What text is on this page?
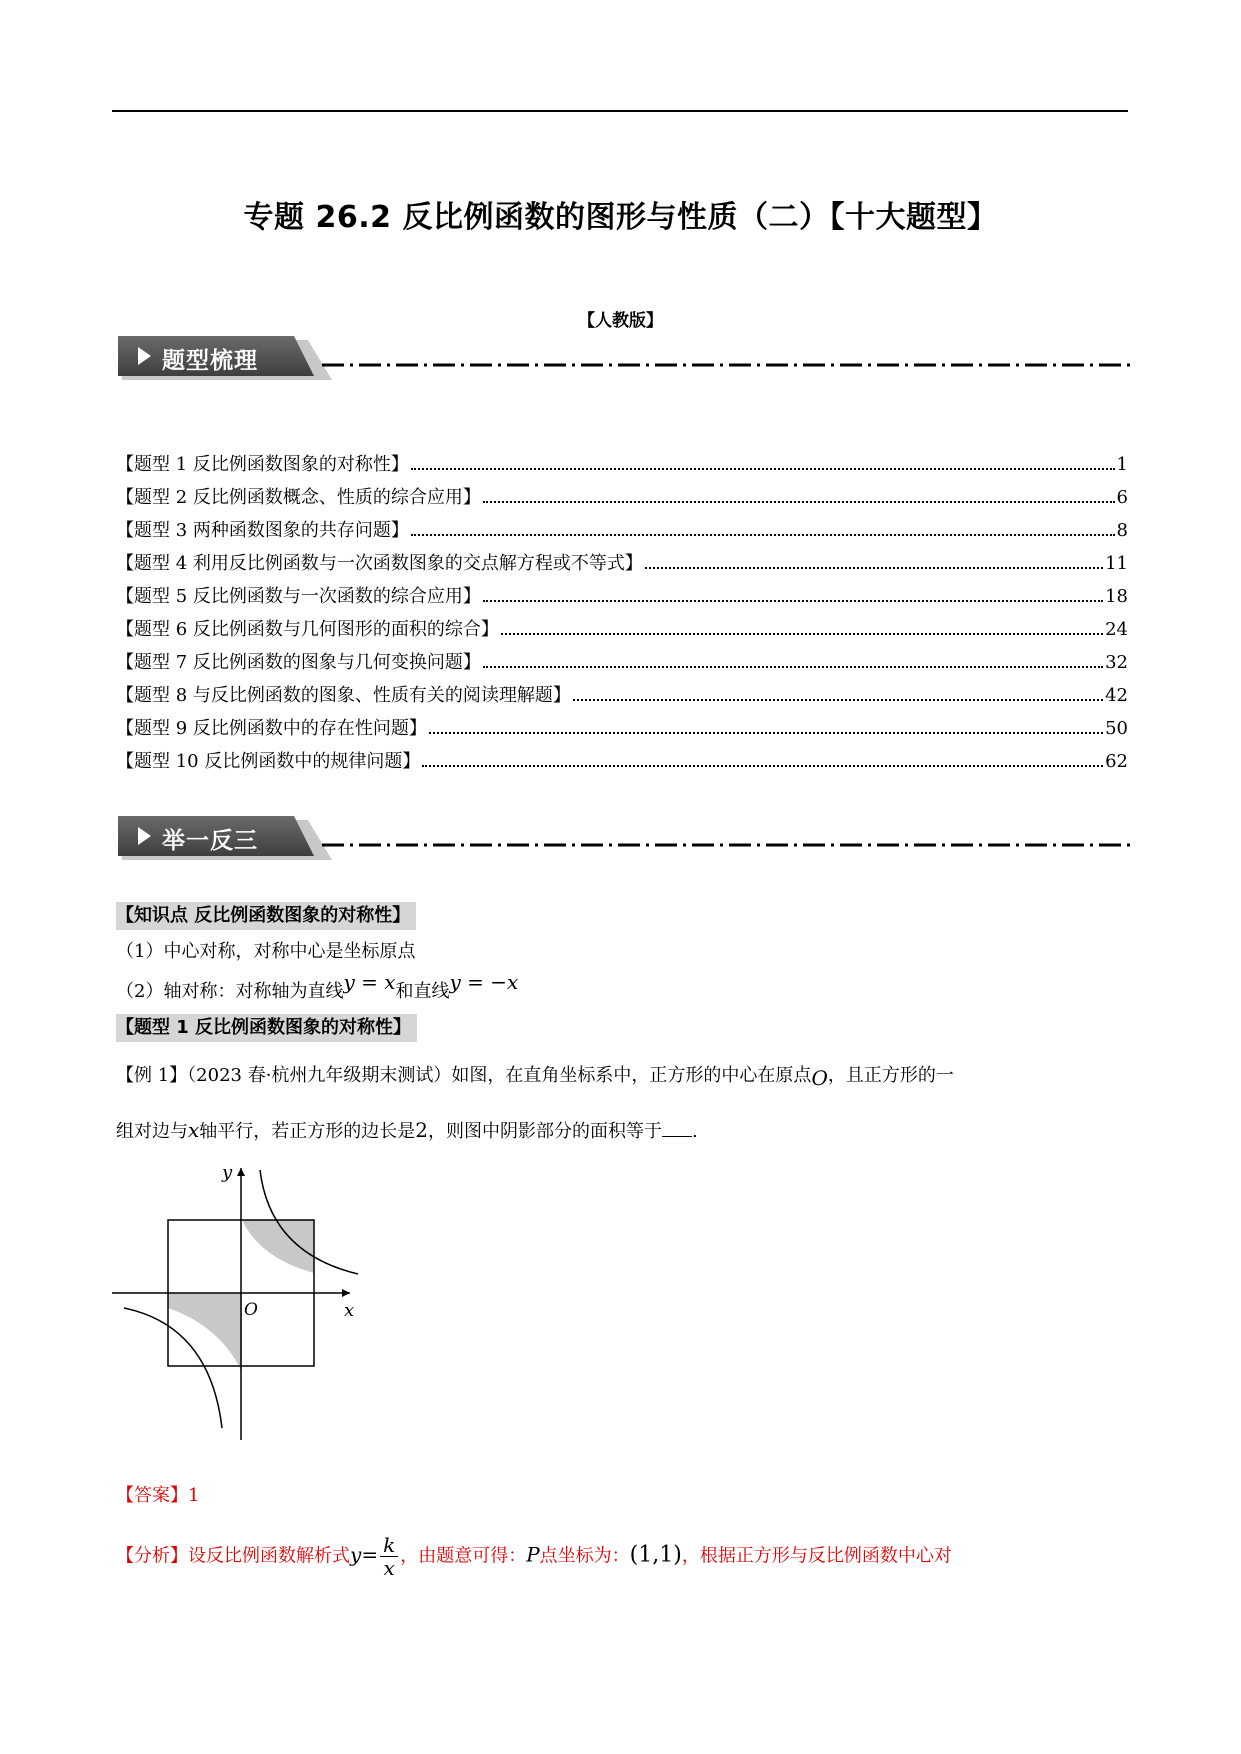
专题 26.2 反比例函数的图形与性质（二）【十大题型】
【人教版】
题型梳理
【题型 1 反比例函数图象的对称性】	1
【题型 2 反比例函数概念、性质的综合应用】	6
【题型 3 两种函数图象的共存问题】	8
【题型 4 利用反比例函数与一次函数图象的交点解方程或不等式】	11
【题型 5 反比例函数与一次函数的综合应用】	18
【题型 6 反比例函数与几何图形的面积的综合】	24
【题型 7 反比例函数的图象与几何变换问题】	32
【题型 8 与反比例函数的图象、性质有关的阅读理解题】	42
【题型 9 反比例函数中的存在性问题】	50
【题型 10 反比例函数中的规律问题】	62
举一反三
【知识点 反比例函数图象的对称性】
（1）中心对称，对称中心是坐标原点
（2）轴对称：对称轴为直线y = x和直线y = −x
【题型 1 反比例函数图象的对称性】
【例 1】（2023 春·杭州九年级期末测试）如图，在直角坐标系中，正方形的中心在原点O，且正方形的一
组对边与x轴平行，若正方形的边长是2，则图中阴影部分的面积等于 .
y
x
O
【答案】1
【分析】设反比例函数解析式$y= \frac{k}{x}$ ，由题意可得：P点坐标为：(1,1)，根据正方形与反比例函数中心对
